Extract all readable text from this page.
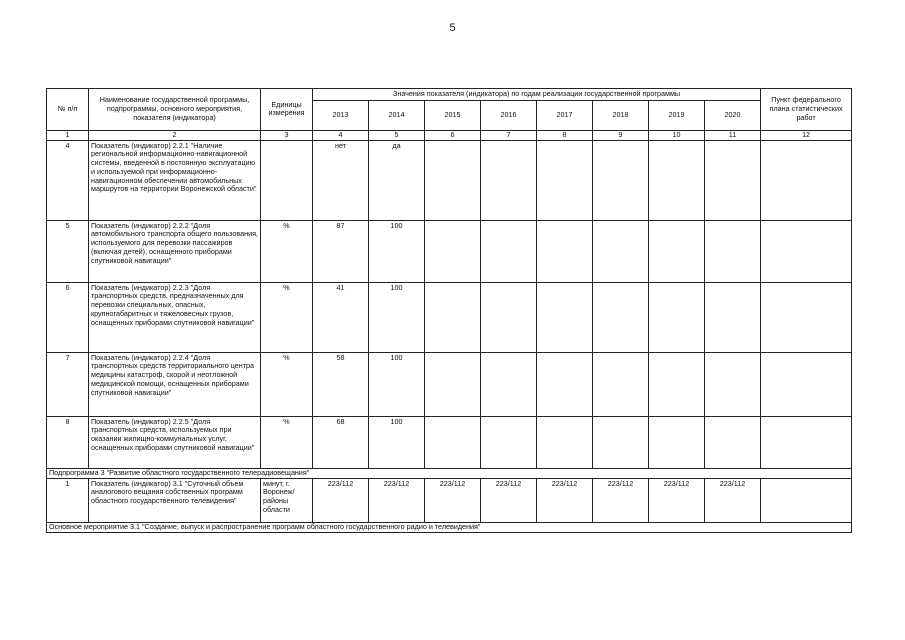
5
№ п/п	Наименование государственной программы, подпрограммы, основного мероприятия, показателя (индикатора)	Единицы измерения	Значения показателя (индикатора) по годам реализации государственной программы								Пункт федерального плана статистических работ
			2013	2014	2015	2016	2017	2018	2019	2020	
1	2	3	4	5	6	7	8	9	10	11	12
4	Показатель (индикатор) 2.2.1 "Наличие региональной информационно-навигационной системы, введенной в постоянную эксплуатацию и используемой при информационно-навигационном обеспечении автомобильных маршрутов на территории Воронежской области"		нет	да							
5	Показатель (индикатор) 2.2.2 "Доля автомобильного транспорта общего пользования, используемого для перевозки пассажиров (включая детей), оснащенного приборами спутниковой навигации"	%	87	100							
6	Показатель (индикатор) 2.2.3 "Доля транспортных средств, предназначенных для перевозки специальных, опасных, крупногабаритных и тяжеловесных грузов, оснащенных приборами спутниковой навигации"	%	41	100							
7	Показатель (индикатор) 2.2.4 "Доля транспортных средств территориального центра медицины катастроф, скорой и неотложной медицинской помощи, оснащенных приборами спутниковой навигации"	%	58	100							
8	Показатель (индикатор) 2.2.5 "Доля транспортных средств, используемых при оказании жилищно-коммунальных услуг, оснащенных приборами спутниковой навигации"	%	68	100							
Подпрограмма 3 "Развитие областного государственного телерадиовещания"											
1	Показатель (индикатор) 3.1 "Суточный объем аналогового вещания собственных программ областного государственного телевидения"	минут, г. Воронеж/ районы области	223/112	223/112	223/112	223/112	223/112	223/112	223/112	223/112	
Основное мероприятие 3.1 "Создание, выпуск и распространение программ областного государственного радио и телевидения"											
